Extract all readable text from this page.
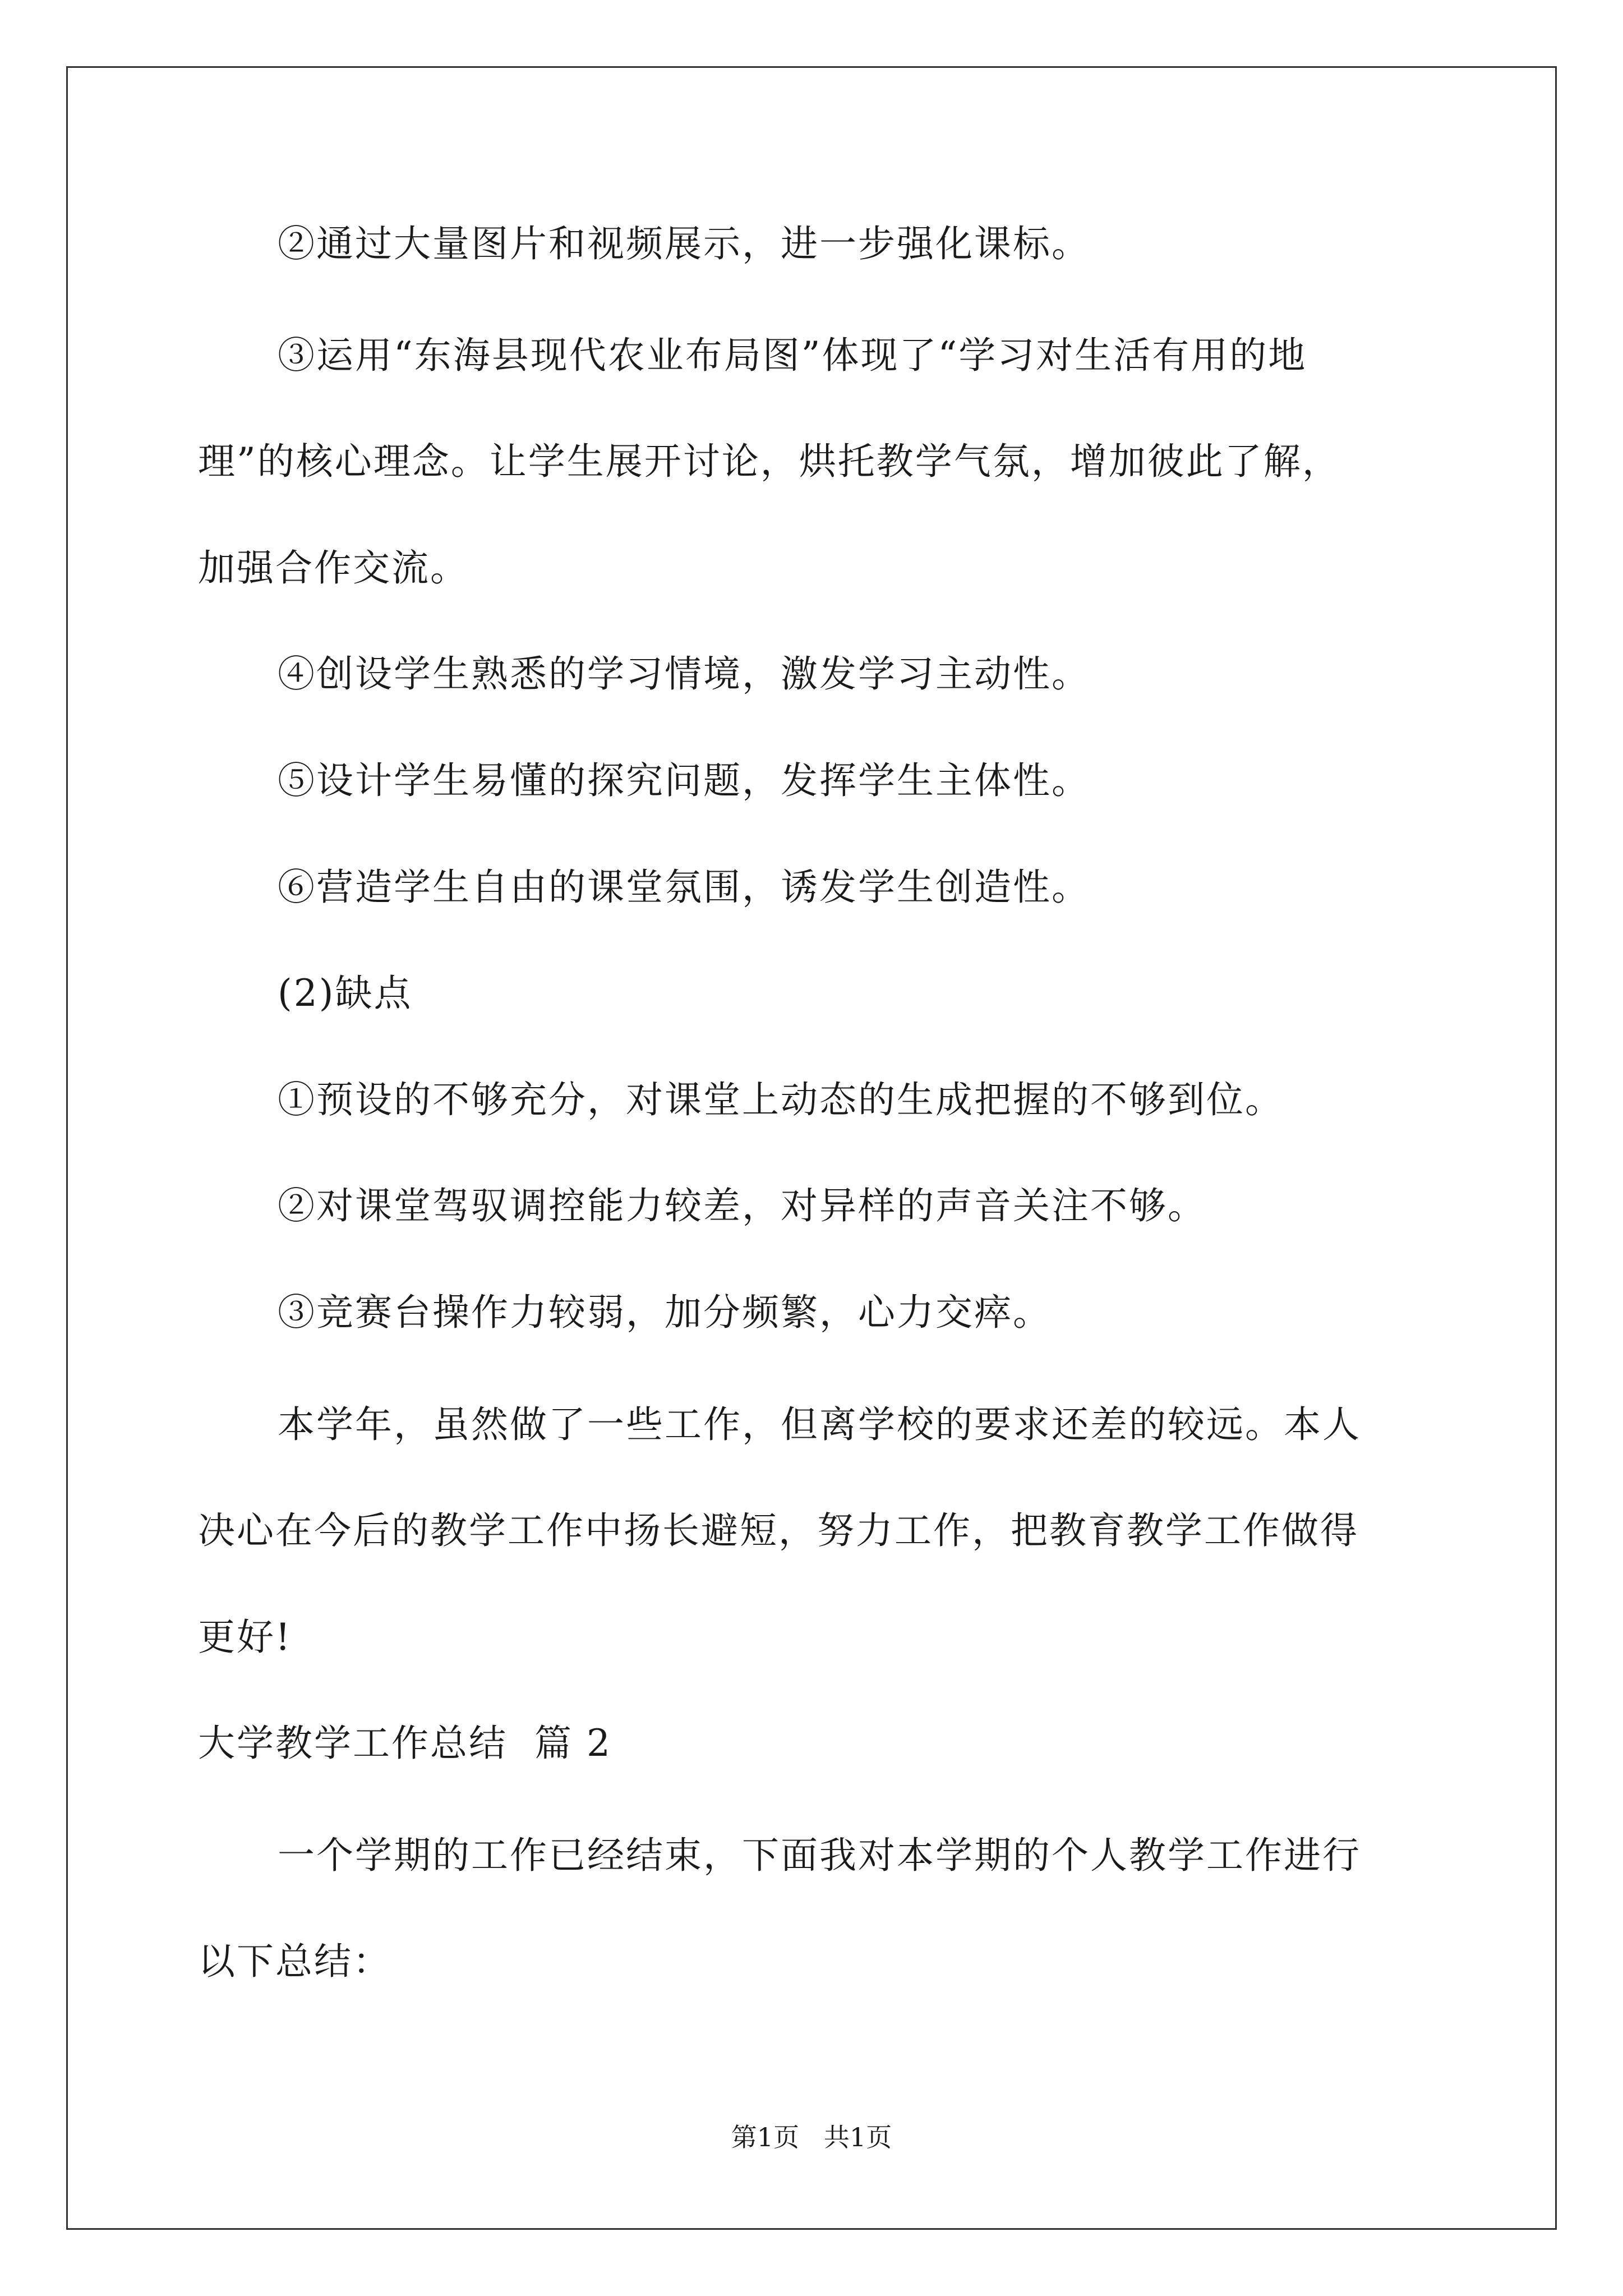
②通过大量图片和视频展示，进一步强化课标。
③运用“东海县现代农业布局图”体现了“学习对生活有用的地
理”的核心理念。让学生展开讨论，烘托教学气氛，增加彼此了解，
加强合作交流。
④创设学生熟悉的学习情境，激发学习主动性。
⑤设计学生易懂的探究问题，发挥学生主体性。
⑥营造学生自由的课堂氛围，诱发学生创造性。
(2)缺点
①预设的不够充分，对课堂上动态的生成把握的不够到位。
②对课堂驾驭调控能力较差，对异样的声音关注不够。
③竞赛台操作力较弱，加分频繁，心力交瘁。
本学年，虽然做了一些工作，但离学校的要求还差的较远。本人
决心在今后的教学工作中扬长避短，努力工作，把教育教学工作做得
更好!
大学教学工作总结  篇 2
一个学期的工作已经结束，下面我对本学期的个人教学工作进行
以下总结：
第1页   共1页
